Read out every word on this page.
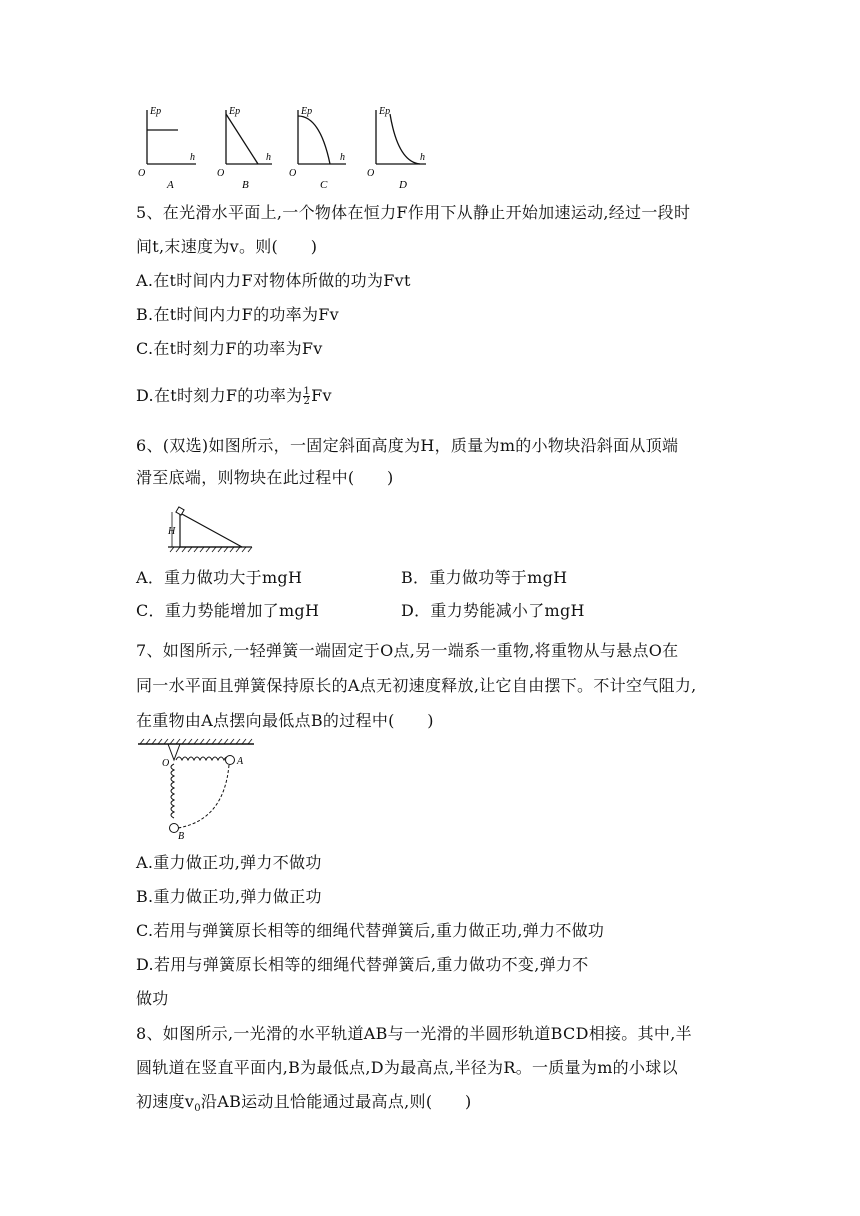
Ep	Ep	Ep	Ep
h	h	h	h
O	O	O	O
A	B	C	D
5、在光滑水平面上,一个物体在恒力F作用下从静止开始加速运动,经过一段时
间t,末速度为v。则(　　)
A.在t时间内力F对物体所做的功为Fvt
B.在t时间内力F的功率为Fv
C.在t时刻力F的功率为Fv
D.在t时刻力F的功率为 $\frac{1}{2}$ Fv
6、(双选)如图所示，一固定斜面高度为H，质量为m的小物块沿斜面从顶端
滑至底端，则物块在此过程中(　　)
H
A．重力做功大于mgH	B．重力做功等于mgH
C．重力势能增加了mgH	D．重力势能减小了mgH
7、如图所示,一轻弹簧一端固定于O点,另一端系一重物,将重物从与悬点O在
同一水平面且弹簧保持原长的A点无初速度释放,让它自由摆下。不计空气阻力,
在重物由A点摆向最低点B的过程中(　　)
O	A
B
A.重力做正功,弹力不做功
B.重力做正功,弹力做正功
C.若用与弹簧原长相等的细绳代替弹簧后,重力做正功,弹力不做功
D.若用与弹簧原长相等的细绳代替弹簧后,重力做功不变,弹力不
做功
8、如图所示,一光滑的水平轨道AB与一光滑的半圆形轨道BCD相接。其中,半
圆轨道在竖直平面内,B为最低点,D为最高点,半径为R。一质量为m的小球以
初速度$v_0$沿AB运动且恰能通过最高点,则(　　)
